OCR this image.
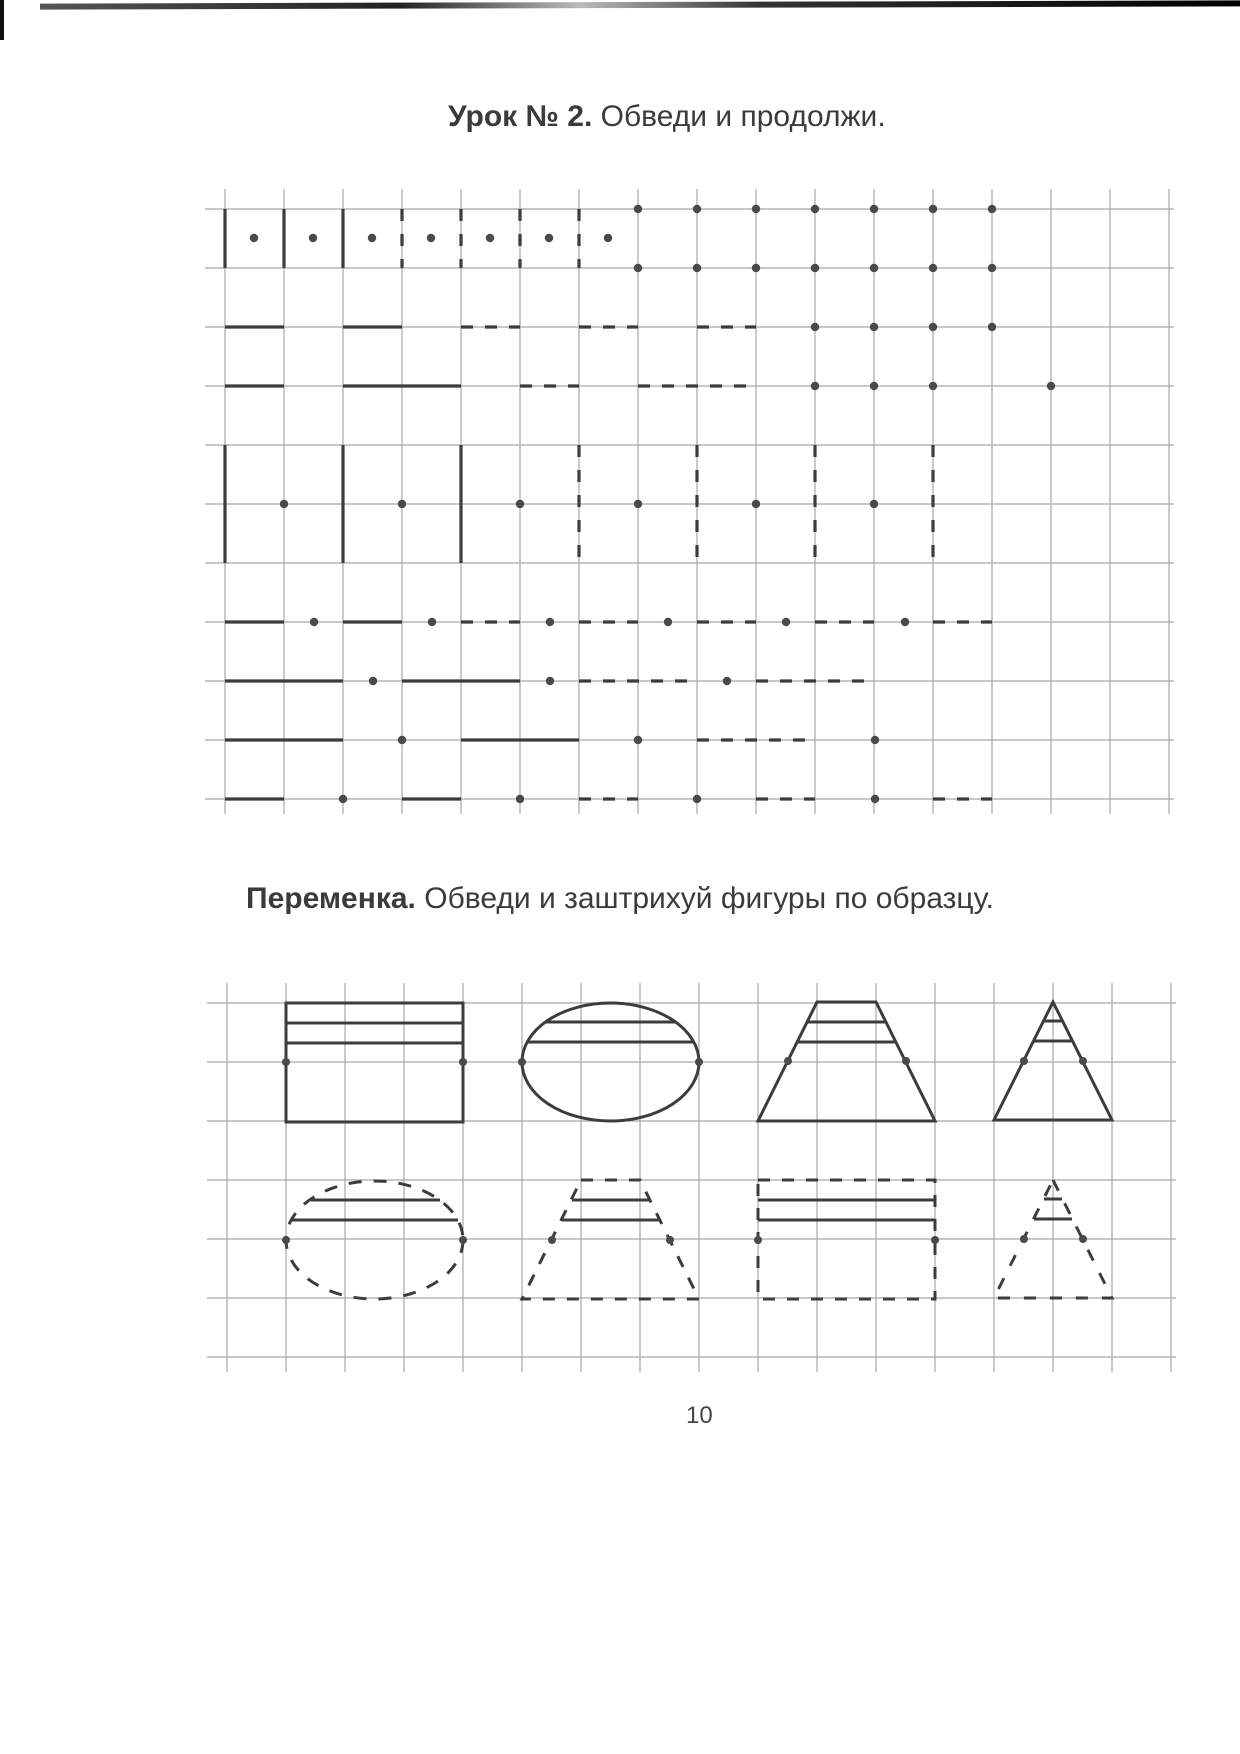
Урок № 2. Обведи и продолжи.
Переменка. Обведи и заштрихуй фигуры по образцу.
10
